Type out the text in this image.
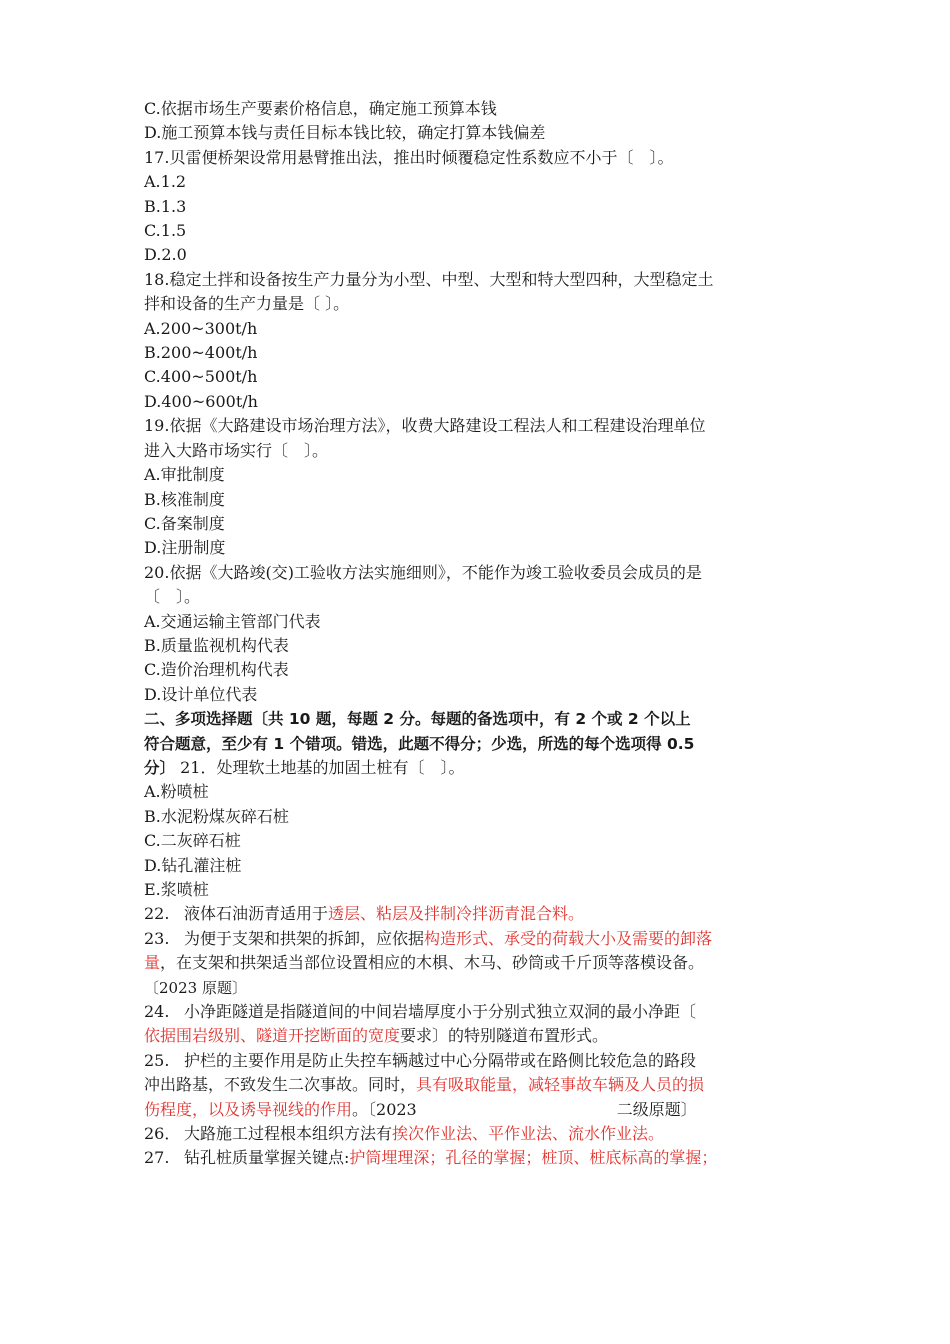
C.依据市场生产要素价格信息，确定施工预算本钱
D.施工预算本钱与责任目标本钱比较，确定打算本钱偏差
17.贝雷便桥架设常用悬臂推出法，推出时倾覆稳定性系数应不小于〔　〕。
A.1.2
B.1.3
C.1.5
D.2.0
18.稳定土拌和设备按生产力量分为小型、中型、大型和特大型四种，大型稳定土
拌和设备的生产力量是〔 〕。
A.200~300t/h
B.200~400t/h
C.400~500t/h
D.400~600t/h
19.依据《大路建设市场治理方法》，收费大路建设工程法人和工程建设治理单位
进入大路市场实行〔　〕。
A.审批制度
B.核准制度
C.备案制度
D.注册制度
20.依据《大路竣(交)工验收方法实施细则》，不能作为竣工验收委员会成员的是
〔　〕。
A.交通运输主管部门代表
B.质量监视机构代表
C.造价治理机构代表
D.设计单位代表
二、多项选择题〔共 10 题，每题 2 分。每题的备选项中，有 2 个或 2 个以上
符合题意，至少有 1 个错项。错选，此题不得分；少选，所选的每个选项得 0.5
分〕 21．处理软土地基的加固土桩有〔　〕。
A.粉喷桩
B.水泥粉煤灰碎石桩
C.二灰碎石桩
D.钻孔灌注桩
E.浆喷桩
22. 液体石油沥青适用于透层、粘层及拌制冷拌沥青混合料。
23. 为便于支架和拱架的拆卸，应依据构造形式、承受的荷载大小及需要的卸落
量，在支架和拱架适当部位设置相应的木椇、木马、砂筒或千斤顶等落模设备。
〔2023 原题〕
24. 小净距隧道是指隧道间的中间岩墙厚度小于分别式独立双洞的最小净距〔
依据围岩级别、隧道开挖断面的宽度要求〕的特别隧道布置形式。
25. 护栏的主要作用是防止失控车辆越过中心分隔带或在路侧比较危急的路段
冲出路基，不致发生二次事故。同时，具有吸取能量，减轻事故车辆及人员的损
伤程度，以及诱导视线的作用。〔2023	二级原题〕
26． 大路施工过程根本组织方法有挨次作业法、平作业法、流水作业法。
27. 钻孔桩质量掌握关键点:护筒埋理深；孔径的掌握；桩顶、桩底标高的掌握；
